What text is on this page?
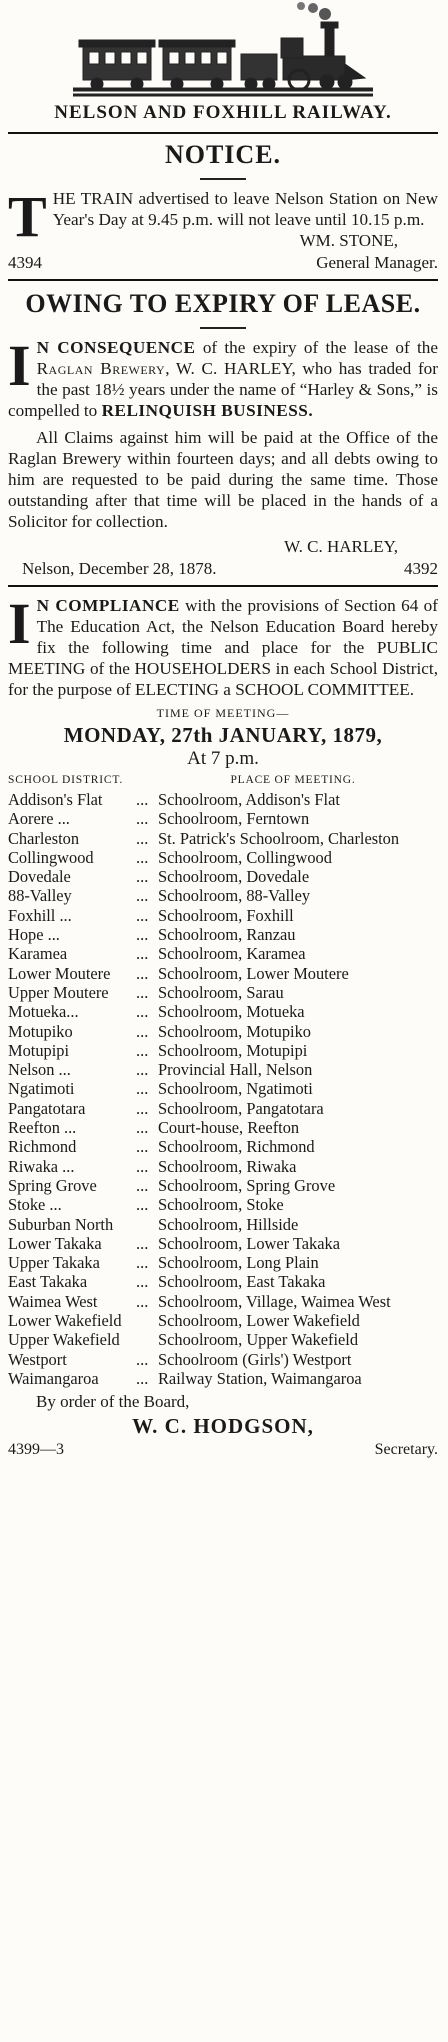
NELSON AND FOXHILL RAILWAY.
NOTICE.

THE TRAIN advertised to leave Nelson Station on New Year's Day at 9.45 p.m. will not leave until 10.15 p.m.

WM. STONE,
4394	General Manager.
OWING TO EXPIRY OF LEASE.

I N CONSEQUENCE of the expiry of the lease of the Raglan Brewery, W. C. HARLEY, who has traded for the past 18½ years under the name of “Harley & Sons,” is compelled to RELINQUISH BUSINESS.

All Claims against him will be paid at the Office of the Raglan Brewery within fourteen days; and all debts owing to him are requested to be paid during the same time. Those outstanding after that time will be placed in the hands of a Solicitor for collection.

W. C. HARLEY,
Nelson, December 28, 1878.	4392

I N COMPLIANCE with the provisions of Section 64 of The Education Act, the Nelson Education Board hereby fix the following time and place for the PUBLIC MEETING of the HOUSEHOLDERS in each School District, for the purpose of ELECTING a SCHOOL COMMITTEE.

TIME OF MEETING—
MONDAY, 27th JANUARY, 1879,
At 7 p.m.
SCHOOL DISTRICT.	PLACE OF MEETING.
Addison's Flat	...	Schoolroom, Addison's Flat
Aorere ...	...	Schoolroom, Ferntown
Charleston	...	St. Patrick's Schoolroom, Charleston
Collingwood	...	Schoolroom, Collingwood
Dovedale	...	Schoolroom, Dovedale
88-Valley	...	Schoolroom, 88-Valley
Foxhill ...	...	Schoolroom, Foxhill
Hope ...	...	Schoolroom, Ranzau
Karamea	...	Schoolroom, Karamea
Lower Moutere	...	Schoolroom, Lower Moutere
Upper Moutere	...	Schoolroom, Sarau
Motueka...	...	Schoolroom, Motueka
Motupiko	...	Schoolroom, Motupiko
Motupipi	...	Schoolroom, Motupipi
Nelson ...	...	Provincial Hall, Nelson
Ngatimoti	...	Schoolroom, Ngatimoti
Pangatotara	...	Schoolroom, Pangatotara
Reefton ...	...	Court-house, Reefton
Richmond	...	Schoolroom, Richmond
Riwaka ...	...	Schoolroom, Riwaka
Spring Grove	...	Schoolroom, Spring Grove
Stoke ...	...	Schoolroom, Stoke
Suburban North		Schoolroom, Hillside
Lower Takaka	...	Schoolroom, Lower Takaka
Upper Takaka	...	Schoolroom, Long Plain
East Takaka	...	Schoolroom, East Takaka
Waimea West	...	Schoolroom, Village, Waimea West
Lower Wakefield		Schoolroom, Lower Wakefield
Upper Wakefield		Schoolroom, Upper Wakefield
Westport	...	Schoolroom (Girls') Westport
Waimangaroa	...	Railway Station, Waimangaroa
By order of the Board,
W. C. HODGSON,
4399—3	Secretary.
